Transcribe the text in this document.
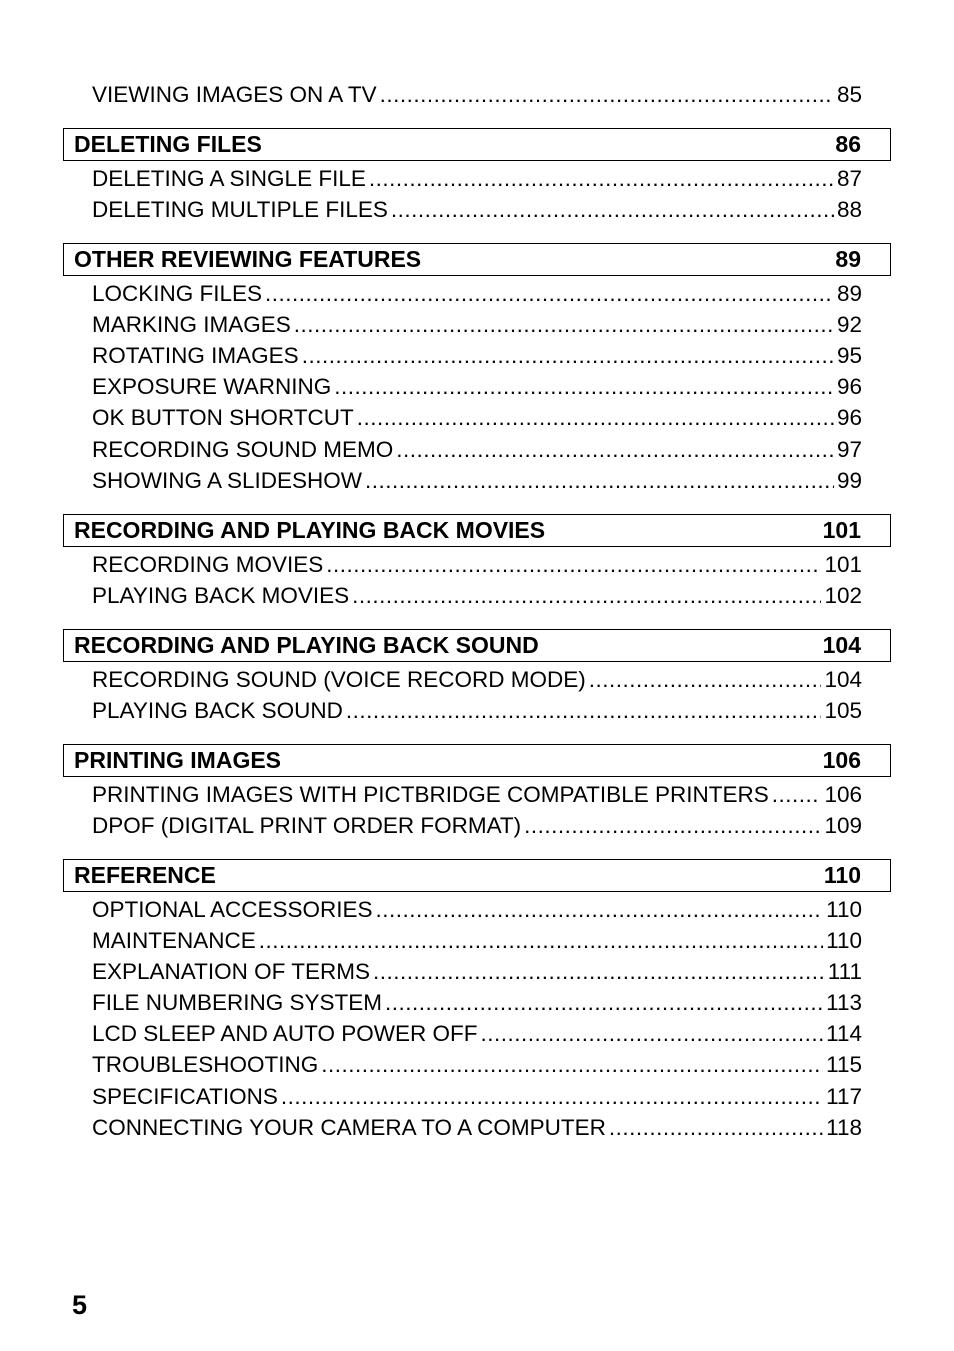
VIEWING IMAGES ON A TV .....	85
DELETING FILES	86
DELETING A SINGLE FILE .....	87
DELETING MULTIPLE FILES .....	88
OTHER REVIEWING FEATURES	89
LOCKING FILES .....	89
MARKING IMAGES .....	92
ROTATING IMAGES .....	95
EXPOSURE WARNING .....	96
OK BUTTON SHORTCUT .....	96
RECORDING SOUND MEMO .....	97
SHOWING A SLIDESHOW .....	99
RECORDING AND PLAYING BACK MOVIES	101
RECORDING MOVIES .....	101
PLAYING BACK MOVIES .....	102
RECORDING AND PLAYING BACK SOUND	104
RECORDING SOUND (VOICE RECORD MODE) .....	104
PLAYING BACK SOUND .....	105
PRINTING IMAGES	106
PRINTING IMAGES WITH PICTBRIDGE COMPATIBLE PRINTERS ..... 106
DPOF (DIGITAL PRINT ORDER FORMAT) .....	109
REFERENCE	110
OPTIONAL ACCESSORIES .....	110
MAINTENANCE .....	110
EXPLANATION OF TERMS .....	111
FILE NUMBERING SYSTEM .....	113
LCD SLEEP AND AUTO POWER OFF .....	114
TROUBLESHOOTING .....	115
SPECIFICATIONS .....	117
CONNECTING YOUR CAMERA TO A COMPUTER .....	118
5
